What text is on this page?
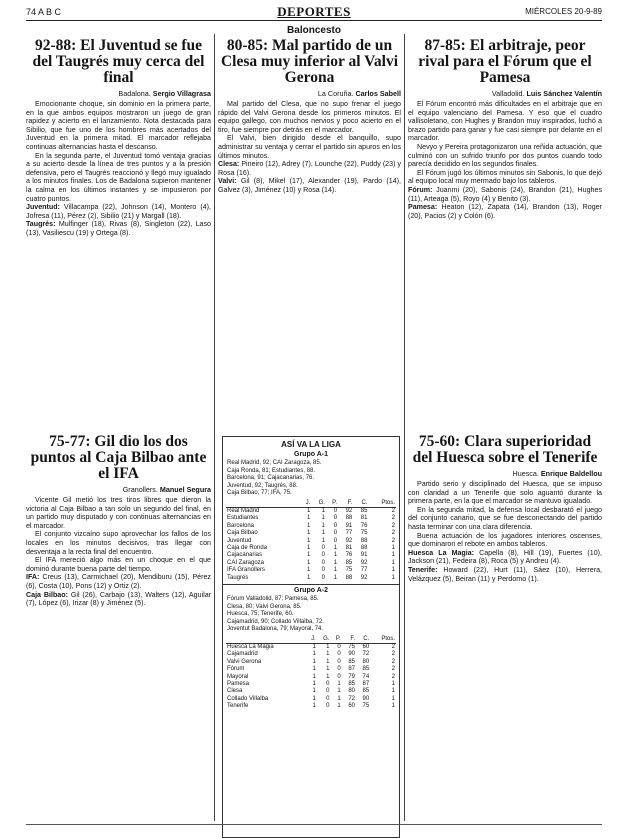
74 A B C	DEPORTES	MIÉRCOLES 20-9-89
Baloncesto
92-88: El Juventud se fue del Taugrés muy cerca del final
Badalona. Sergio Villagrasa

Emocionante choque, sin dominio en la primera parte, en la que ambos equipos mostraron un juego de gran rapidez y acierto en el lanzamiento. Nota destacada para Sibilio, que fue uno de los hombres más acertados del Juventud en la primera mitad. El marcador reflejaba continuas alternancias hasta el descanso.

En la segunda parte, el Juventud tomó ventaja gracias a su acierto desde la línea de tres puntos y a la presión defensiva, pero el Taugrés reaccionó y llegó muy igualado a los minutos finales. Los de Badalona supieron mantener la calma en los últimos instantes y se impusieron por cuatro puntos.

Juventud: Villacampa (22), Johnson (14), Montero (4), Jofresa (11), Pérez (2), Sibilio (21) y Margall (18).

Taugrés: Mulfinger (18), Rivas (8), Singleton (22), Laso (13), Vasiliescu (19) y Ortega (8).

75-77: Gil dio los dos puntos al Caja Bilbao ante el IFA
Granollers. Manuel Segura

Vicente Gil metió los tres tiros libres que dieron la victoria al Caja Bilbao a tan solo un segundo del final, en un partido muy disputado y con continuas alternancias en el marcador.

El conjunto vizcaíno supo aprovechar los fallos de los locales en los minutos decisivos, tras llegar con desventaja a la recta final del encuentro.

El IFA mereció algo más en un choque en el que dominó durante buena parte del tiempo.

IFA: Creus (13), Carmichael (20), Mendiburu (15), Pérez (6), Costa (10), Pons (12) y Ortiz (2).

Caja Bilbao: Gil (26), Carbajo (13), Walters (12), Aguilar (7), López (6), Irizar (8) y Jiménez (5).

80-85: Mal partido de un Clesa muy inferior al Valvi Gerona
La Coruña. Carlos Sabell

Mal partido del Clesa, que no supo frenar el juego rápido del Valvi Gerona desde los primeros minutos. El equipo gallego, con muchos nervios y poco acierto en el tiro, fue siempre por detrás en el marcador.

El Valvi, bien dirigido desde el banquillo, supo administrar su ventaja y cerrar el partido sin apuros en los últimos minutos.

Clesa: Pineiro (12), Adrey (7), Lounche (22), Puddy (23) y Rosa (16).

Valvi: Gil (8), Mikel (17), Alexander (19), Pardo (14), Galvez (3), Jiménez (10) y Rosa (14).

ASÍ VA LA LIGA
Grupo A-1
Real Madrid, 92; CAI Zaragoza, 85.
Caja Ronda, 81; Estudiantes, 88.
Barcelona, 91; Cajacanarias, 76.
Juventud, 92; Taugrés, 88.
Caja Bilbao, 77; IFA, 75.
	J.	G.	P.	F.	C.	Ptos.
Real Madrid	1	1	0	92	85	2
Estudiantes	1	1	0	88	81	2
Barcelona	1	1	0	91	76	2
Caja Bilbao	1	1	0	77	75	2
Juventud	1	1	0	92	88	2
Caja de Ronda	1	0	1	81	88	1
Cajacanarias	1	0	1	76	91	1
CAI Zaragoza	1	0	1	85	92	1
IFA Granollers	1	0	1	75	77	1
Taugrés	1	0	1	88	92	1
Grupo A-2
Fórum Valladolid, 87; Pamesa, 85.
Clesa, 80; Valvi Gerona, 85.
Huesca, 75; Tenerife, 60.
Cajamadrid, 90; Collado Villalba, 72.
Joventut Badalona, 79; Mayoral, 74.
	J.	G.	P.	F.	C.	Ptos.
Huesca La Magia	1	1	0	75	60	2
Cajamadrid	1	1	0	90	72	2
Valvi Gerona	1	1	0	85	80	2
Fórum	1	1	0	87	85	2
Mayoral	1	1	0	79	74	2
Pamesa	1	0	1	85	87	1
Clesa	1	0	1	80	85	1
Collado Villalba	1	0	1	72	90	1
Tenerife	1	0	1	60	75	1
87-85: El arbitraje, peor rival para el Fórum que el Pamesa
Valladolid. Luis Sánchez Valentín

El Fórum encontró más dificultades en el arbitraje que en el equipo valenciano del Pamesa. Y eso que el cuadro vallisoletano, con Hughes y Brandon muy inspirados, luchó a brazo partido para ganar y fue casi siempre por delante en el marcador.

Nevyo y Pereira protagonizaron una reñida actuación, que culminó con un sufrido triunfo por dos puntos cuando todo parecía decidido en los segundos finales.

El Fórum jugó los últimos minutos sin Sabonis, lo que dejó al equipo local muy mermado bajo los tableros.

Fórum: Juanmi (20), Sabonis (24), Brandon (21), Hughes (11), Arteaga (5), Royo (4) y Benito (3).

Pamesa: Heaton (12), Zapata (14), Brandon (13), Roger (20), Pacios (2) y Colón (6).

75-60: Clara superioridad del Huesca sobre el Tenerife
Huesca. Enrique Baldellou

Partido serio y disciplinado del Huesca, que se impuso con claridad a un Tenerife que solo aguantó durante la primera parte, en la que el marcador se mantuvo igualado.

En la segunda mitad, la defensa local desbarató el juego del conjunto canario, que se fue desconectando del partido hasta terminar con una clara diferencia.

Buena actuación de los jugadores interiores oscenses, que dominaron el rebote en ambos tableros.

Huesca La Magia: Capella (8), Hill (19), Fuertes (10), Jackson (21), Fedeira (8), Roca (5) y Andreu (4).

Tenerife: Howard (22), Hurt (11), Sáez (10), Herrera, Velázquez (5), Beiran (11) y Perdomo (1).
